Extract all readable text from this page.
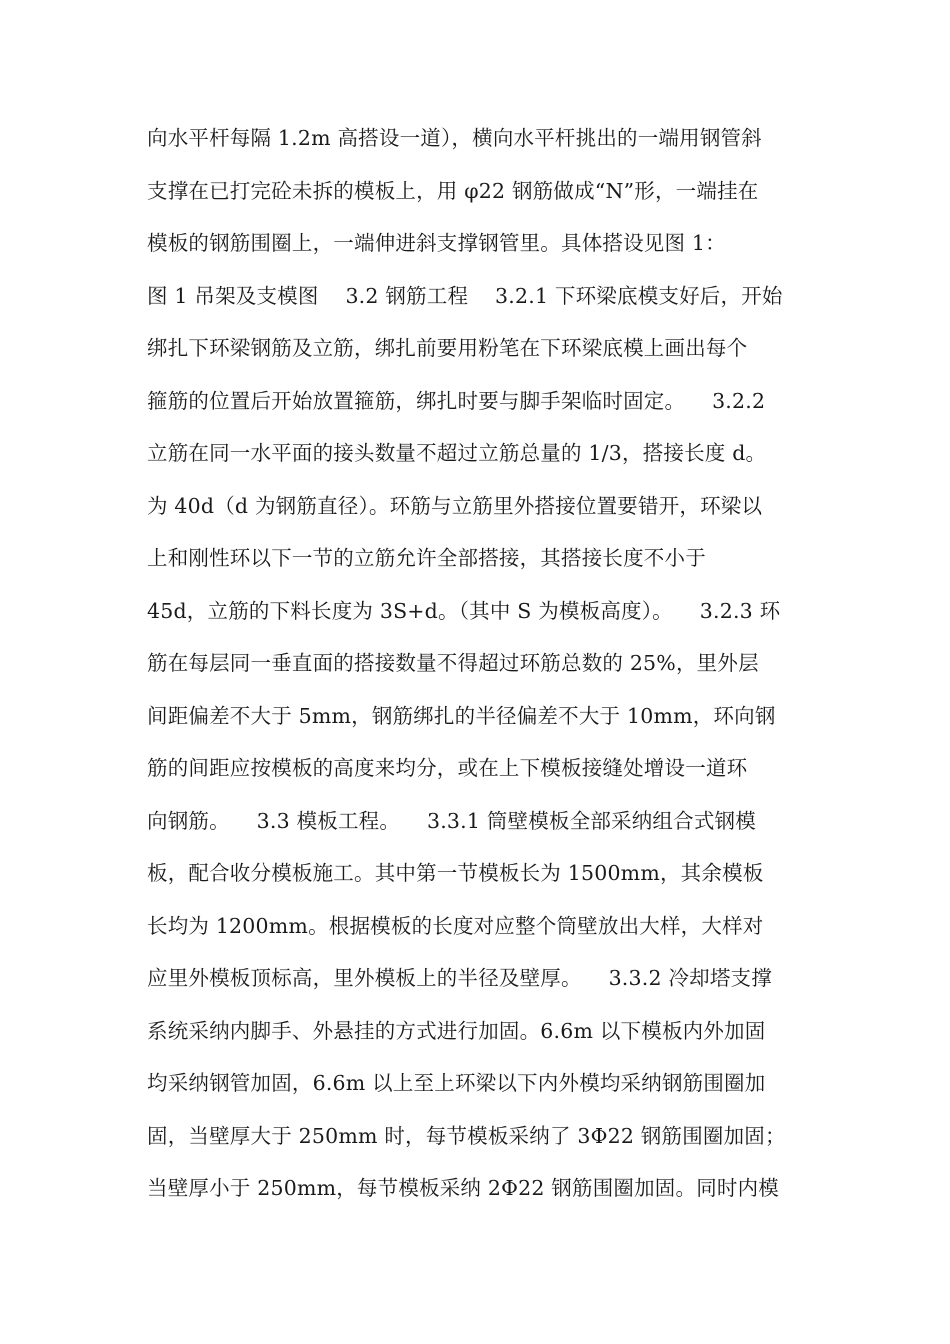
向水平杆每隔 1.2m 高搭设一道），横向水平杆挑出的一端用钢管斜
支撑在已打完砼未拆的模板上，用 φ22 钢筋做成“N”形，一端挂在
模板的钢筋围圈上，一端伸进斜支撑钢管里。具体搭设见图 1：
图 1 吊架及支模图    3.2 钢筋工程    3.2.1 下环梁底模支好后，开始
绑扎下环梁钢筋及立筋，绑扎前要用粉笔在下环梁底模上画出每个
箍筋的位置后开始放置箍筋，绑扎时要与脚手架临时固定。    3.2.2
立筋在同一水平面的接头数量不超过立筋总量的 1/3，搭接长度 d。
为 40d（d 为钢筋直径）。环筋与立筋里外搭接位置要错开，环梁以
上和刚性环以下一节的立筋允许全部搭接，其搭接长度不小于
45d，立筋的下料长度为 3S+d。（其中 S 为模板高度）。    3.2.3 环
筋在每层同一垂直面的搭接数量不得超过环筋总数的 25%，里外层
间距偏差不大于 5mm，钢筋绑扎的半径偏差不大于 10mm，环向钢
筋的间距应按模板的高度来均分，或在上下模板接缝处增设一道环
向钢筋。    3.3 模板工程。    3.3.1 筒壁模板全部采纳组合式钢模
板，配合收分模板施工。其中第一节模板长为 1500mm，其余模板
长均为 1200mm。根据模板的长度对应整个筒壁放出大样，大样对
应里外模板顶标高，里外模板上的半径及壁厚。    3.3.2 冷却塔支撑
系统采纳内脚手、外悬挂的方式进行加固。6.6m 以下模板内外加固
均采纳钢管加固，6.6m 以上至上环梁以下内外模均采纳钢筋围圈加
固，当壁厚大于 250mm 时，每节模板采纳了 3Φ22 钢筋围圈加固；
当壁厚小于 250mm，每节模板采纳 2Φ22 钢筋围圈加固。同时内模
